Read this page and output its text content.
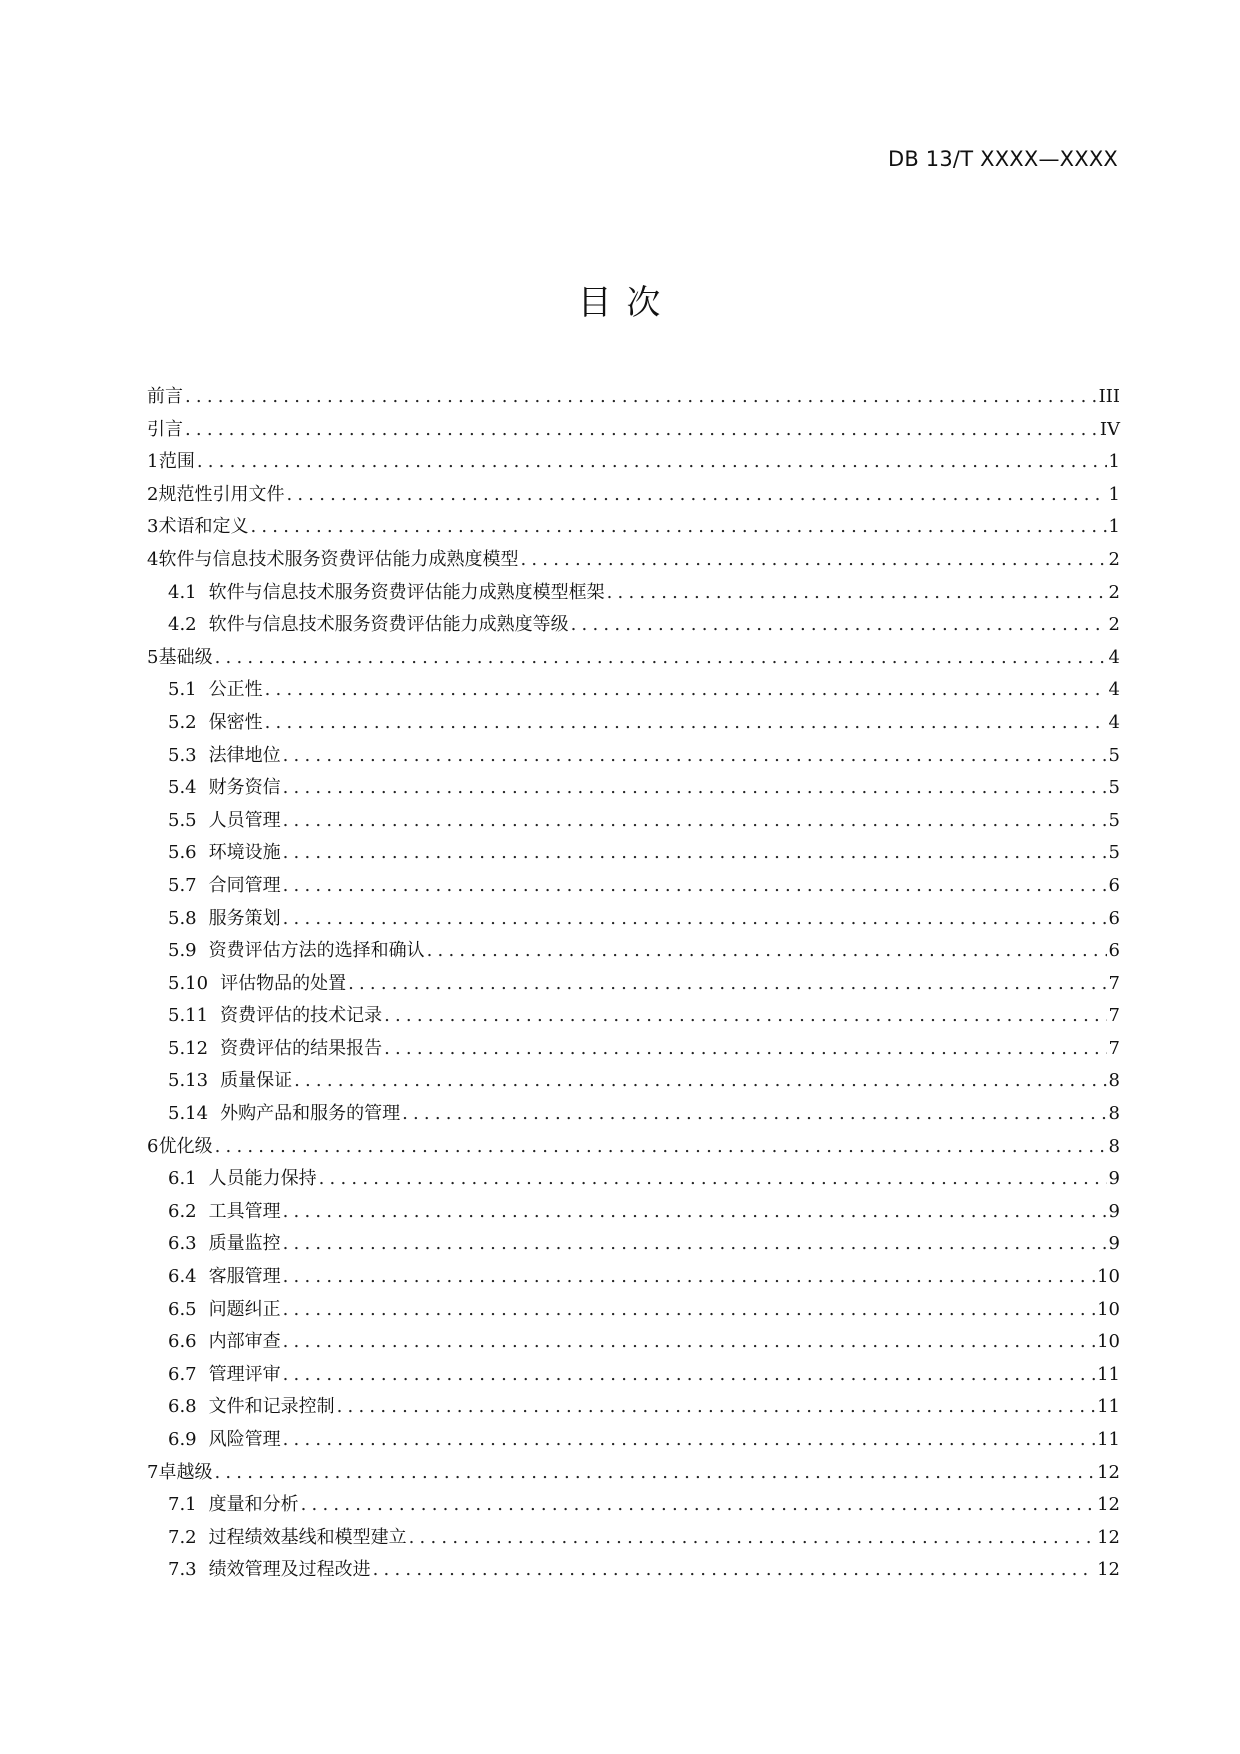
DB 13/T XXXX—XXXX
目 次
前言 .....	III
引言 .....	IV
1 范围 .....	1
2 规范性引用文件 .....	1
3 术语和定义 .....	1
4 软件与信息技术服务资费评估能力成熟度模型 .....	2
4.1 软件与信息技术服务资费评估能力成熟度模型框架 .....	2
4.2 软件与信息技术服务资费评估能力成熟度等级 .....	2
5 基础级 .....	4
5.1 公正性 .....	4
5.2 保密性 .....	4
5.3 法律地位 .....	5
5.4 财务资信 .....	5
5.5 人员管理 .....	5
5.6 环境设施 .....	5
5.7 合同管理 .....	6
5.8 服务策划 .....	6
5.9 资费评估方法的选择和确认 .....	6
5.10 评估物品的处置 .....	7
5.11 资费评估的技术记录 .....	7
5.12 资费评估的结果报告 .....	7
5.13 质量保证 .....	8
5.14 外购产品和服务的管理 .....	8
6 优化级 .....	8
6.1 人员能力保持 .....	9
6.2 工具管理 .....	9
6.3 质量监控 .....	9
6.4 客服管理 .....	10
6.5 问题纠正 .....	10
6.6 内部审查 .....	10
6.7 管理评审 .....	11
6.8 文件和记录控制 .....	11
6.9 风险管理 .....	11
7 卓越级 .....	12
7.1 度量和分析 .....	12
7.2 过程绩效基线和模型建立 .....	12
7.3 绩效管理及过程改进 .....	12
